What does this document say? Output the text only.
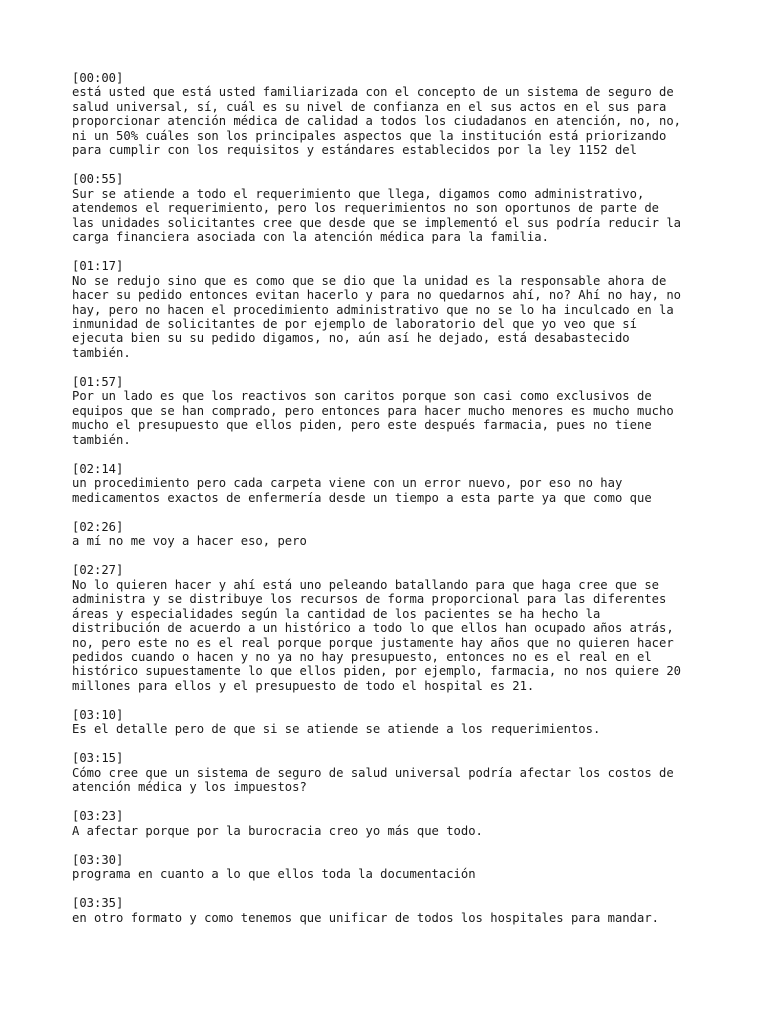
[00:00]
está usted que está usted familiarizada con el concepto de un sistema de seguro de
salud universal, sí, cuál es su nivel de confianza en el sus actos en el sus para
proporcionar atención médica de calidad a todos los ciudadanos en atención, no, no,
ni un 50% cuáles son los principales aspectos que la institución está priorizando
para cumplir con los requisitos y estándares establecidos por la ley 1152 del
[00:55]
Sur se atiende a todo el requerimiento que llega, digamos como administrativo,
atendemos el requerimiento, pero los requerimientos no son oportunos de parte de
las unidades solicitantes cree que desde que se implementó el sus podría reducir la
carga financiera asociada con la atención médica para la familia.
[01:17]
No se redujo sino que es como que se dio que la unidad es la responsable ahora de
hacer su pedido entonces evitan hacerlo y para no quedarnos ahí, no? Ahí no hay, no
hay, pero no hacen el procedimiento administrativo que no se lo ha inculcado en la
inmunidad de solicitantes de por ejemplo de laboratorio del que yo veo que sí
ejecuta bien su su pedido digamos, no, aún así he dejado, está desabastecido
también.
[01:57]
Por un lado es que los reactivos son caritos porque son casi como exclusivos de
equipos que se han comprado, pero entonces para hacer mucho menores es mucho mucho
mucho el presupuesto que ellos piden, pero este después farmacia, pues no tiene
también.
[02:14]
un procedimiento pero cada carpeta viene con un error nuevo, por eso no hay
medicamentos exactos de enfermería desde un tiempo a esta parte ya que como que
[02:26]
a mí no me voy a hacer eso, pero
[02:27]
No lo quieren hacer y ahí está uno peleando batallando para que haga cree que se
administra y se distribuye los recursos de forma proporcional para las diferentes
áreas y especialidades según la cantidad de los pacientes se ha hecho la
distribución de acuerdo a un histórico a todo lo que ellos han ocupado años atrás,
no, pero este no es el real porque porque justamente hay años que no quieren hacer
pedidos cuando o hacen y no ya no hay presupuesto, entonces no es el real en el
histórico supuestamente lo que ellos piden, por ejemplo, farmacia, no nos quiere 20
millones para ellos y el presupuesto de todo el hospital es 21.
[03:10]
Es el detalle pero de que si se atiende se atiende a los requerimientos.
[03:15]
Cómo cree que un sistema de seguro de salud universal podría afectar los costos de
atención médica y los impuestos?
[03:23]
A afectar porque por la burocracia creo yo más que todo.
[03:30]
programa en cuanto a lo que ellos toda la documentación
[03:35]
en otro formato y como tenemos que unificar de todos los hospitales para mandar.
